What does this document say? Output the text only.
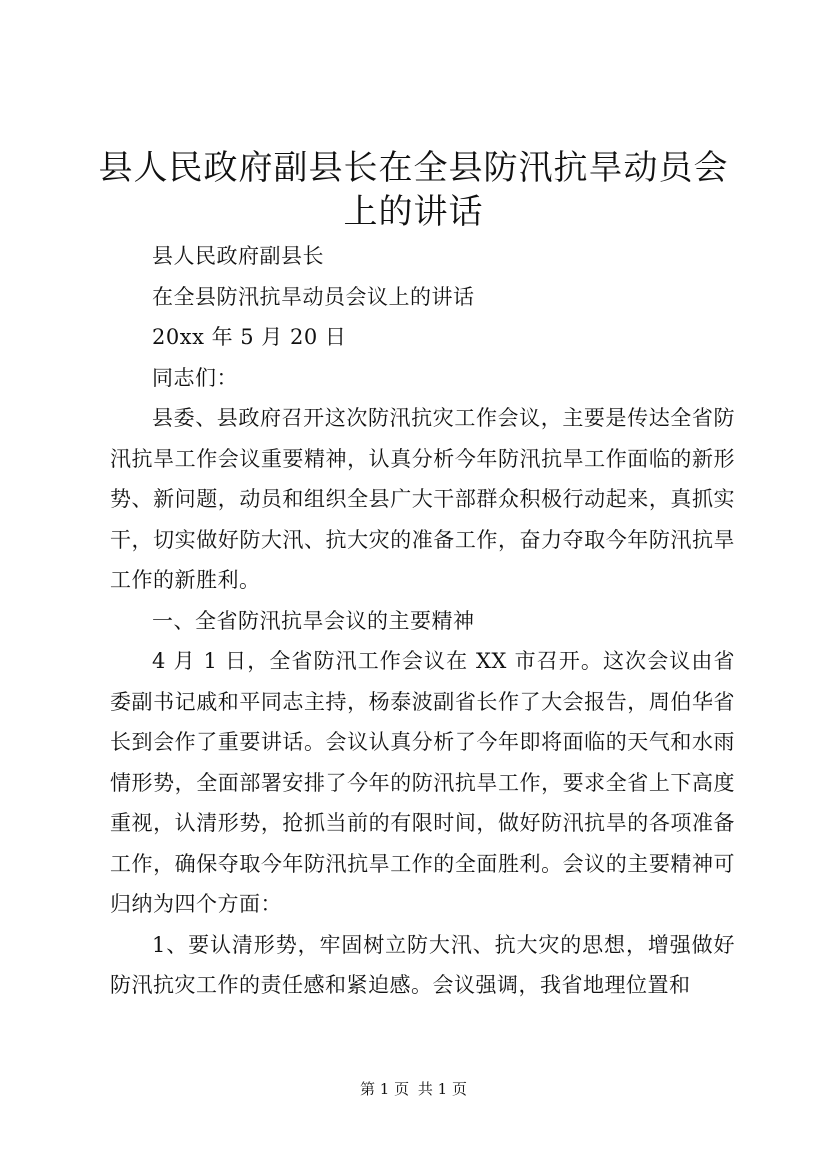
县人民政府副县长在全县防汛抗旱动员会上的讲话

县人民政府副县长

在全县防汛抗旱动员会议上的讲话

20xx 年 5 月 20 日

同志们：

县委、县政府召开这次防汛抗灾工作会议，主要是传达全省防汛抗旱工作会议重要精神，认真分析今年防汛抗旱工作面临的新形势、新问题，动员和组织全县广大干部群众积极行动起来，真抓实干，切实做好防大汛、抗大灾的准备工作，奋力夺取今年防汛抗旱工作的新胜利。

一、全省防汛抗旱会议的主要精神

4 月 1 日，全省防汛工作会议在 XX 市召开。这次会议由省委副书记戚和平同志主持，杨泰波副省长作了大会报告，周伯华省长到会作了重要讲话。会议认真分析了今年即将面临的天气和水雨情形势，全面部署安排了今年的防汛抗旱工作，要求全省上下高度重视，认清形势，抢抓当前的有限时间，做好防汛抗旱的各项准备工作，确保夺取今年防汛抗旱工作的全面胜利。会议的主要精神可归纳为四个方面：

1、要认清形势，牢固树立防大汛、抗大灾的思想，增强做好防汛抗灾工作的责任感和紧迫感。会议强调，我省地理位置和

第 1 页 共 1 页
